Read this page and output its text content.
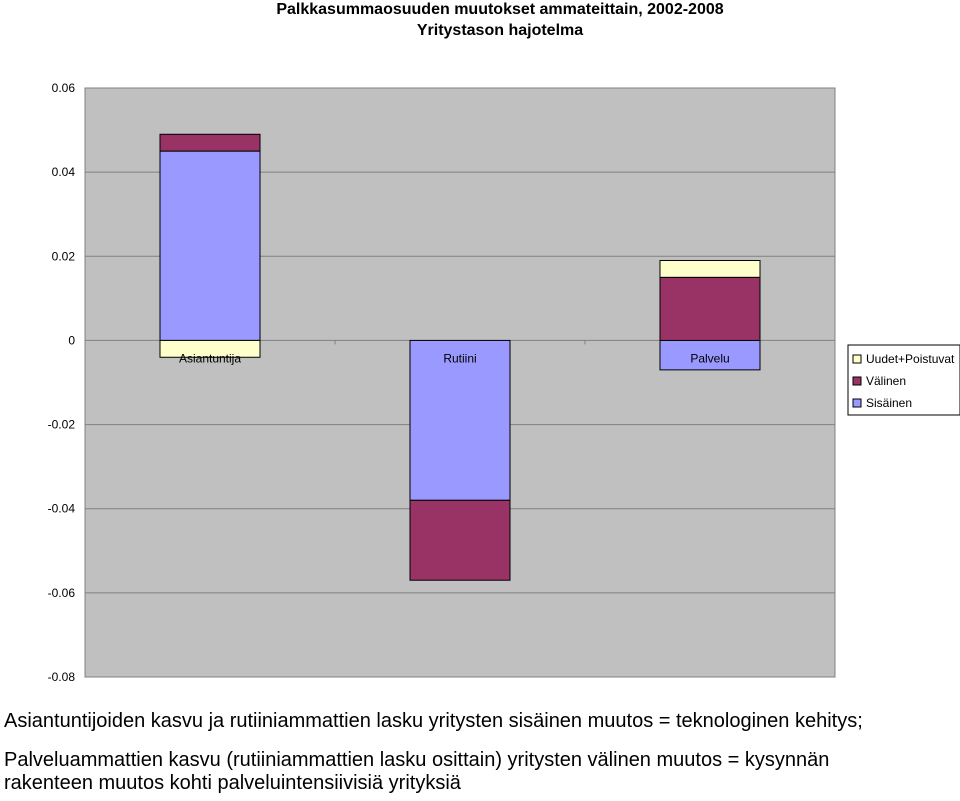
Palkkasummaosuuden muutokset ammateittain, 2002-2008
Yritystason hajotelma
0.06
0.04
0.02
0
-0.02
-0.04
-0.06
-0.08
Asiantuntija	Rutiini	Palvelu	Uudet+Poistuvat
Välinen
Sisäinen
Asiantuntijoiden kasvu ja rutiiniammattien lasku yritysten sisäinen muutos = teknologinen kehitys;
Palveluammattien kasvu (rutiiniammattien lasku osittain) yritysten välinen muutos = kysynnän
rakenteen muutos kohti palveluintensiivisiä yrityksiä
